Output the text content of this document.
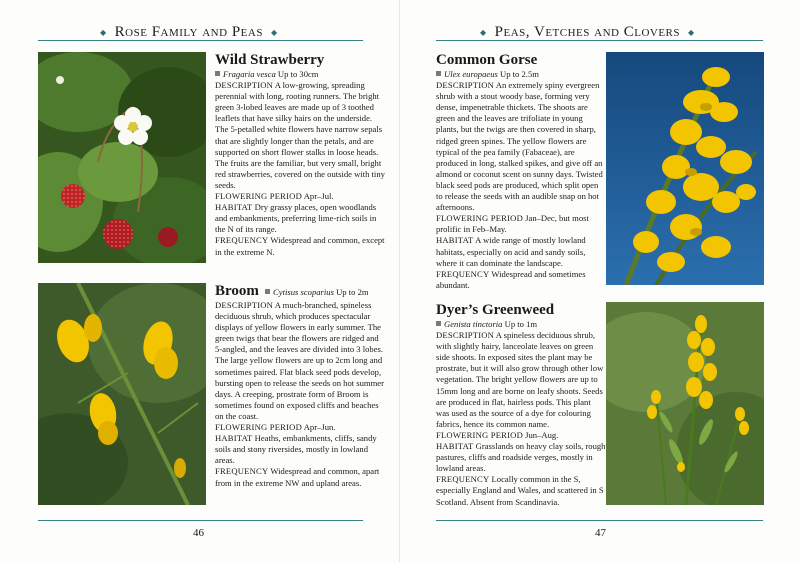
◆ Rose Family and Peas ◆
Wild Strawberry
Fragaria vesca Up to 30cm

DESCRIPTION A low-growing, spreading perennial with long, rooting runners. The bright green 3-lobed leaves are made up of 3 toothed leaflets that have silky hairs on the underside. The 5-petalled white flowers have narrow sepals that are slightly longer than the petals, and are supported on short flower stalks in loose heads. The fruits are the familiar, but very small, bright red strawberries, covered on the outside with tiny seeds.

FLOWERING PERIOD Apr–Jul.

HABITAT Dry grassy places, open woodlands and embankments, preferring lime-rich soils in the N of its range.

FREQUENCY Widespread and common, except in the extreme N.

Broom Cytisus scoparius Up to 2m

DESCRIPTION A much-branched, spineless deciduous shrub, which produces spectacular displays of yellow flowers in early summer. The green twigs that bear the flowers are ridged and 5-angled, and the leaves are divided into 3 lobes. The large yellow flowers are up to 2cm long and sometimes paired. Flat black seed pods develop, bursting open to release the seeds on hot summer days. A creeping, prostrate form of Broom is sometimes found on exposed cliffs and beaches on the coast.

FLOWERING PERIOD Apr–Jun.

HABITAT Heaths, embankments, cliffs, sandy soils and stony riversides, mostly in lowland areas.

FREQUENCY Widespread and common, apart from in the extreme NW and upland areas.

46
◆ Peas, Vetches and Clovers ◆
Common Gorse
Ulex europaeus Up to 2.5m

DESCRIPTION An extremely spiny evergreen shrub with a stout woody base, forming very dense, impenetrable thickets. The shoots are green and the leaves are trifoliate in young plants, but the twigs are then covered in sharp, ridged green spines. The yellow flowers are typical of the pea family (Fabaceae), are produced in long, stalked spikes, and give off an almond or coconut scent on sunny days. Twisted black seed pods are produced, which split open to release the seeds with an audible snap on hot afternoons.

FLOWERING PERIOD Jan–Dec, but most prolific in Feb–May.

HABITAT A wide range of mostly lowland habitats, especially on acid and sandy soils, where it can dominate the landscape.

FREQUENCY Widespread and sometimes abundant.

Dyer’s Greenweed
Genista tinctoria Up to 1m

DESCRIPTION A spineless deciduous shrub, with slightly hairy, lanceolate leaves on green side shoots. In exposed sites the plant may be prostrate, but it will also grow through other low vegetation. The bright yellow flowers are up to 15mm long and are borne on leafy shoots. Seeds are produced in flat, hairless pods. This plant was used as the source of a dye for colouring fabrics, hence its common name.

FLOWERING PERIOD Jun–Aug.

HABITAT Grasslands on heavy clay soils, rough pastures, cliffs and roadside verges, mostly in lowland areas.

FREQUENCY Locally common in the S, especially England and Wales, and scattered in S Scotland. Absent from Scandinavia.

47
